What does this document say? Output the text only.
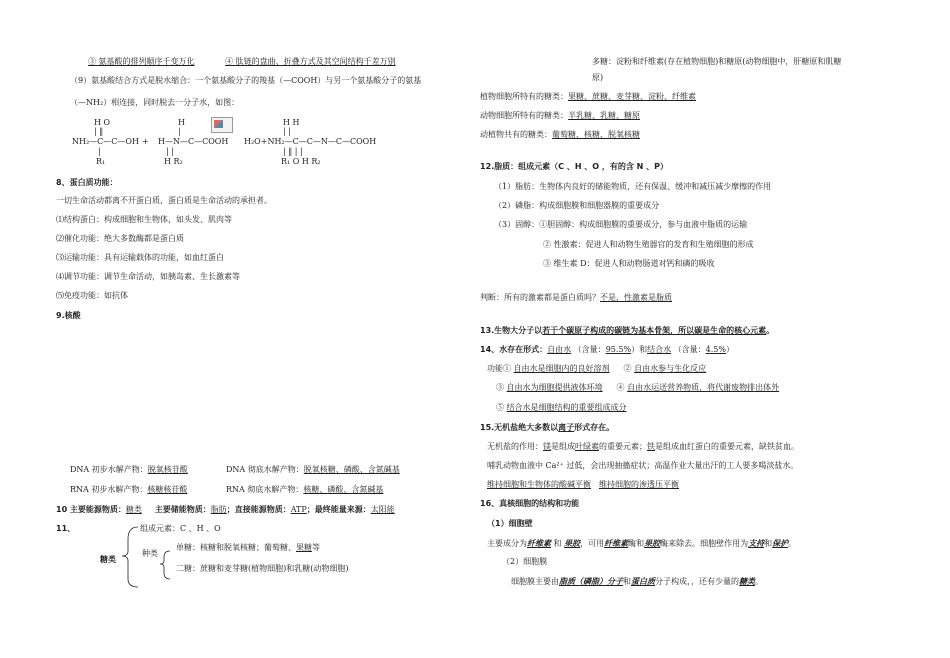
③ 氨基酸的排列顺序千变万化	④ 肽链的盘曲、折叠方式及其空间结构千差万别
（9）氨基酸结合方式是脱水缩合：一个氨基酸分子的羧基（—COOH）与另一个氨基酸分子的氨基
（—NH₂）相连接，同时脱去一分子水，如图：
H O
| ‖
NH₂—C—C—OH
|
R₁
+
H
|
H—N—C—COOH
| |
H R₂
H H
| |
H₂O+NH₂—C—C—N—C—COOH
| ‖ | |
R₁ O H R₂
8、蛋白质功能：
一切生命活动都离不开蛋白质，蛋白质是生命活动的承担者。
⑴结构蛋白：构成细胞和生物体，如头发、肌肉等
⑵催化功能：绝大多数酶都是蛋白质
⑶运输功能：具有运输载体的功能，如血红蛋白
⑷调节功能：调节生命活动，如胰岛素、生长激素等
⑸免疫功能：如抗体
9.核酸
DNA 初步水解产物：脱氧核苷酸	DNA 彻底水解产物：脱氧核糖、磷酸、含氮碱基
RNA 初步水解产物：核糖核苷酸	RNA 彻底水解产物：核糖、磷酸、含氮碱基
10 主要能源物质：糖类 主要储能物质：脂肪；直接能源物质：ATP；最终能量来源：太阳能
11、
糖类
组成元素：C 、H 、O
种类
单糖：核糖和脱氧核糖；葡萄糖、果糖等
二糖：蔗糖和麦芽糖(植物细胞)和乳糖(动物细胞)
多糖：淀粉和纤维素(存在植物细胞)和糖原(动物细胞中，肝糖原和肌糖
原)
植物细胞所特有的糖类：果糖、蔗糖、麦芽糖、淀粉、纤维素
动物细胞所特有的糖类：半乳糖、乳糖、糖原
动植物共有的糖类：葡萄糖、核糖、脱氧核糖
12.脂质：组成元素（C 、H 、O ，有的含 N 、P）
（1）脂肪：生物体内良好的储能物质，还有保温、缓冲和减压减少摩擦的作用
（2）磷脂：构成细胞膜和细胞器膜的重要成分
（3）固醇：①胆固醇：构成细胞膜的重要成分，参与血液中脂质的运输
② 性激素：促进人和动物生殖器官的发育和生殖细胞的形成
③ 维生素 D：促进人和动物肠道对钙和磷的吸收
判断：所有的激素都是蛋白质吗？不是，性激素是脂质
13.生物大分子以若干个碳原子构成的碳链为基本骨架，所以碳是生命的核心元素。
14、水存在形式：自由水 （含量：95.5%）和结合水 （含量：4.5%）
功能① 自由水是细胞内的良好溶剂 ② 自由水参与生化反应
③ 自由水为细胞提供液体环境 ④ 自由水运送营养物质，将代谢废物排出体外
⑤ 结合水是细胞结构的重要组成成分
15.无机盐绝大多数以离子形式存在。
无机盐的作用：镁是组成叶绿素的重要元素；铁是组成血红蛋白的重要元素，缺铁贫血。
哺乳动物血液中 Ca²⁺ 过低，会出现抽搐症状；高温作业大量出汗的工人要多喝淡盐水。
维持细胞和生物体的酸碱平衡 维持细胞的渗透压平衡
16、真核细胞的结构和功能
（1）细胞壁
主要成分为纤维素 和 果胶，可用纤维素酶和果胶酶来除去。细胞壁作用为支持和保护。
（2）细胞膜
细胞膜主要由脂质（磷脂）分子和蛋白质分子构成，，还有少量的糖类。
